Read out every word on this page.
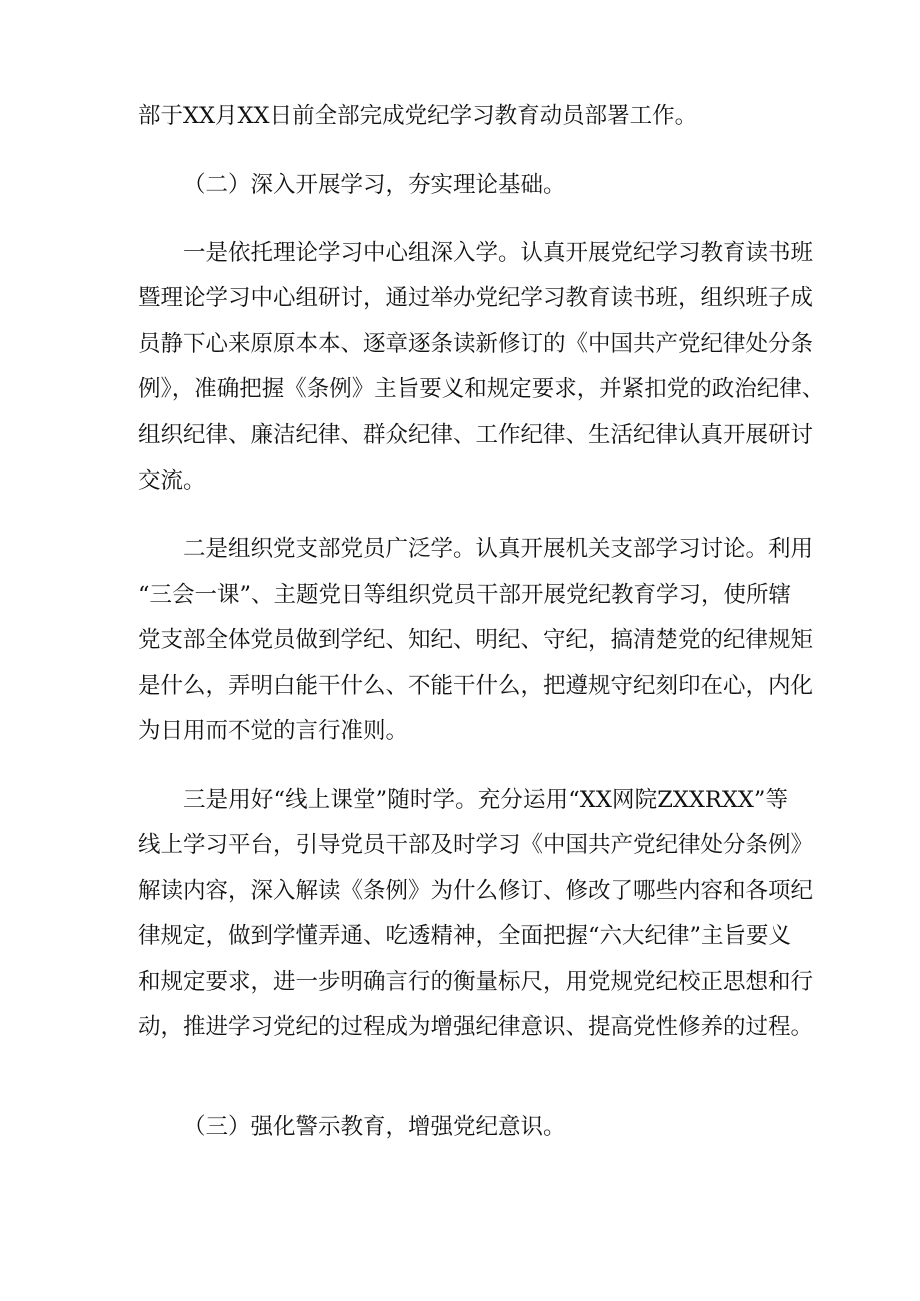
部于XX月XX日前全部完成党纪学习教育动员部署工作。
（二）深入开展学习，夯实理论基础。
一是依托理论学习中心组深入学。认真开展党纪学习教育读书班
暨理论学习中心组研讨，通过举办党纪学习教育读书班，组织班子成
员静下心来原原本本、逐章逐条读新修订的《中国共产党纪律处分条
例》，准确把握《条例》主旨要义和规定要求，并紧扣党的政治纪律、
组织纪律、廉洁纪律、群众纪律、工作纪律、生活纪律认真开展研讨
交流。
二是组织党支部党员广泛学。认真开展机关支部学习讨论。利用
“三会一课”、主题党日等组织党员干部开展党纪教育学习，使所辖
党支部全体党员做到学纪、知纪、明纪、守纪，搞清楚党的纪律规矩
是什么，弄明白能干什么、不能干什么，把遵规守纪刻印在心，内化
为日用而不觉的言行准则。
三是用好“线上课堂”随时学。充分运用“XX网院ZXXRXX”等
线上学习平台，引导党员干部及时学习《中国共产党纪律处分条例》
解读内容，深入解读《条例》为什么修订、修改了哪些内容和各项纪
律规定，做到学懂弄通、吃透精神，全面把握“六大纪律”主旨要义
和规定要求，进一步明确言行的衡量标尺，用党规党纪校正思想和行
动，推进学习党纪的过程成为增强纪律意识、提高党性修养的过程。
（三）强化警示教育，增强党纪意识。
